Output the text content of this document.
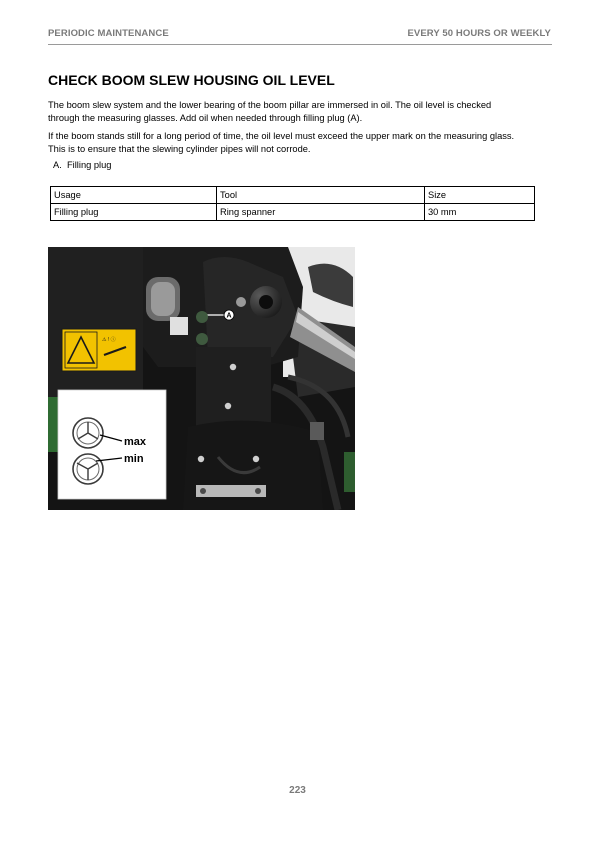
PERIODIC MAINTENANCE	EVERY 50 HOURS OR WEEKLY
CHECK BOOM SLEW HOUSING OIL LEVEL

The boom slew system and the lower bearing of the boom pillar are immersed in oil. The oil level is checked through the measuring glasses. Add oil when needed through filling plug (A).

If the boom stands still for a long period of time, the oil level must exceed the upper mark on the measuring glass. This is to ensure that the slewing cylinder pipes will not corrode.

A. Filling plug
Usage	Tool	Size
Filling plug	Ring spanner	30 mm
A
⚠ ! ⓘ
max
min
223
